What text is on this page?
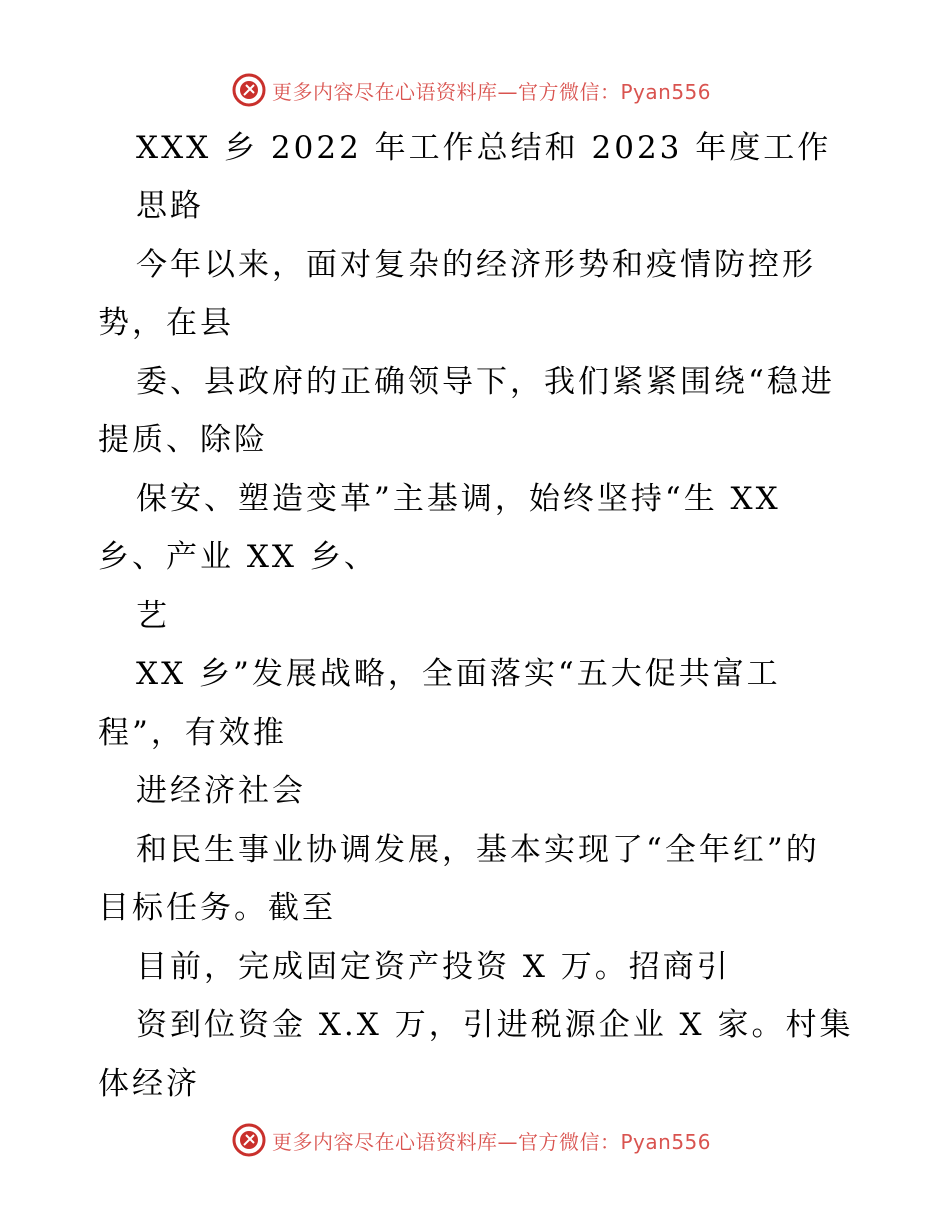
更多内容尽在心语资料库—官方微信：Pyan556
XXX 乡 2022 年工作总结和 2023 年度工作
思路
今年以来，面对复杂的经济形势和疫情防控形
势，在县
委、县政府的正确领导下，我们紧紧围绕“稳进
提质、除险
保安、塑造变革”主基调，始终坚持“生 XX
乡、产业 XX 乡、
艺
XX 乡”发展战略，全面落实“五大促共富工
程”，有效推
进经济社会
和民生事业协调发展，基本实现了“全年红”的
目标任务。截至
目前，完成固定资产投资 X 万。招商引
资到位资金 X.X 万，引进税源企业 X 家。村集
体经济
更多内容尽在心语资料库—官方微信：Pyan556
